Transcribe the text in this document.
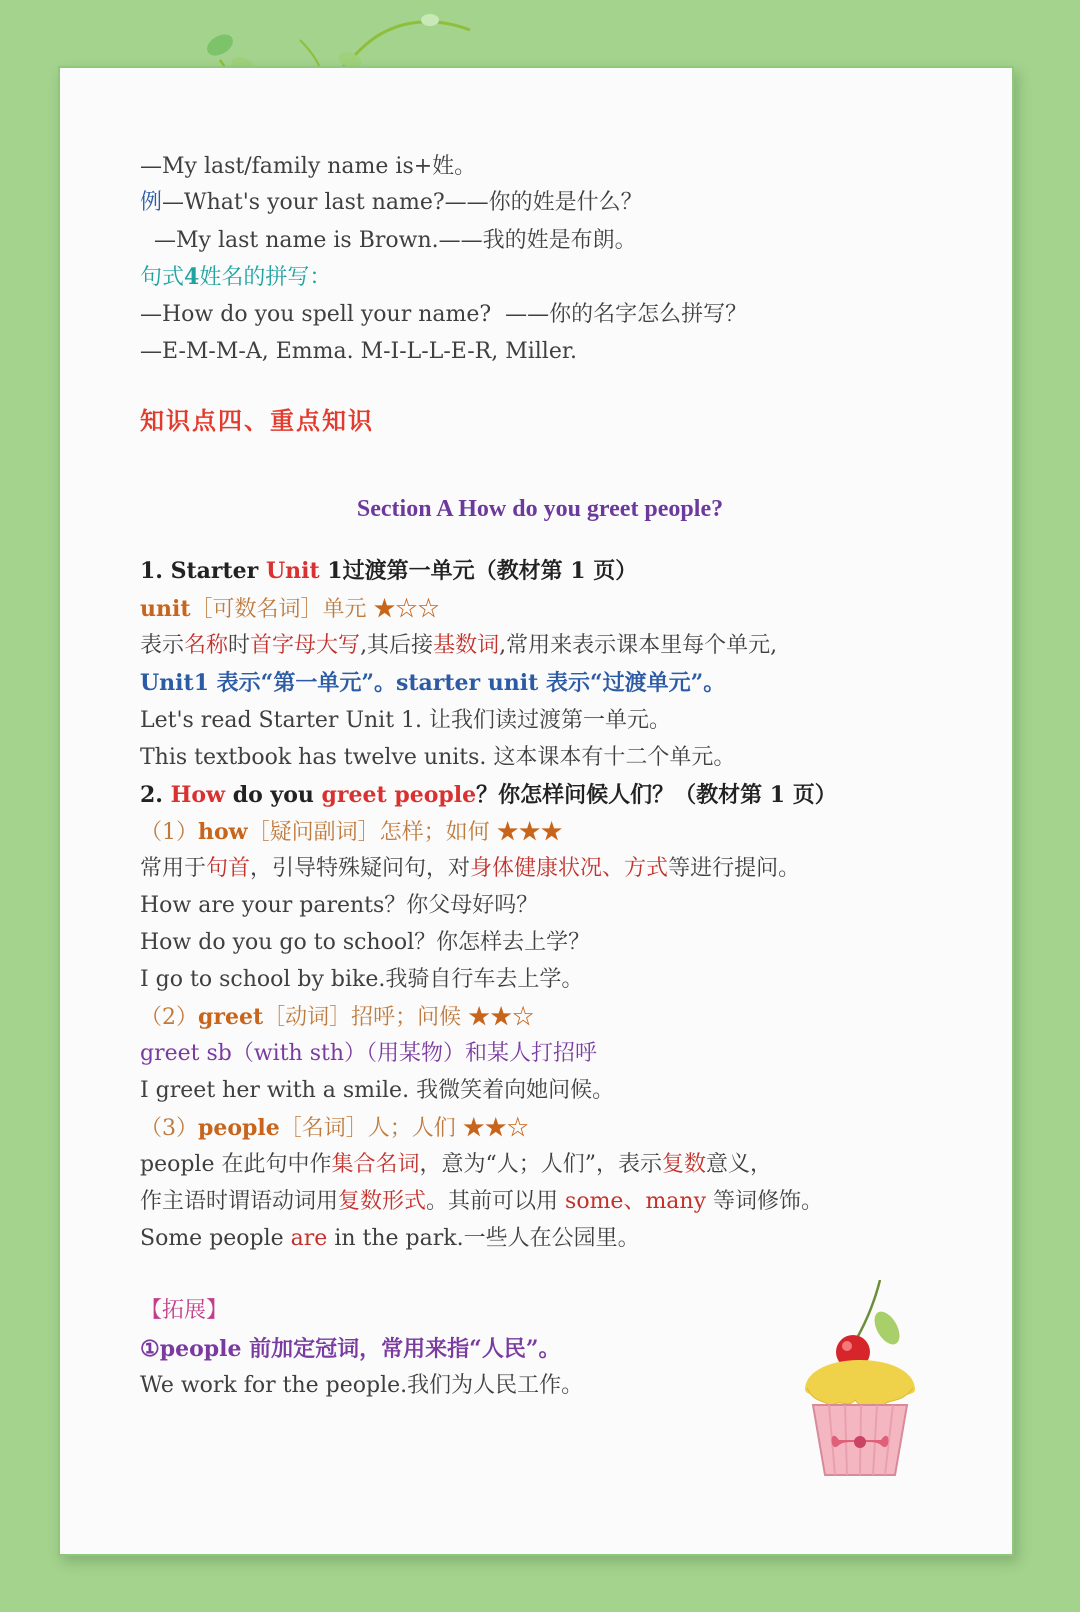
—My last/family name is+姓。
例—What's your last name?——你的姓是什么？
—My last name is Brown.——我的姓是布朗。
句式4姓名的拼写：
—How do you spell your name?  ——你的名字怎么拼写？
—E-M-M-A, Emma. M-I-L-L-E-R, Miller.
知识点四、重点知识
Section A How do you greet people?
1. Starter Unit 1过渡第一单元（教材第 1 页）
unit［可数名词］单元 ★☆☆
表示名称时首字母大写,其后接基数词,常用来表示课本里每个单元,
Unit1 表示“第一单元”。starter unit 表示“过渡单元”。
Let's read Starter Unit 1. 让我们读过渡第一单元。
This textbook has twelve units. 这本课本有十二个单元。
2. How do you greet people？你怎样问候人们？（教材第 1 页）
（1）how［疑问副词］怎样；如何 ★★★
常用于句首，引导特殊疑问句，对身体健康状况、方式等进行提问。
How are your parents？你父母好吗？
How do you go to school？你怎样去上学？
I go to school by bike.我骑自行车去上学。
（2）greet［动词］招呼；问候 ★★☆
greet sb（with sth）（用某物）和某人打招呼
I greet her with a smile. 我微笑着向她问候。
（3）people［名词］人；人们 ★★☆
people 在此句中作集合名词，意为“人；人们”，表示复数意义，
作主语时谓语动词用复数形式。其前可以用 some、many 等词修饰。
Some people are in the park.一些人在公园里。
【拓展】
①people 前加定冠词，常用来指“人民”。
We work for the people.我们为人民工作。
